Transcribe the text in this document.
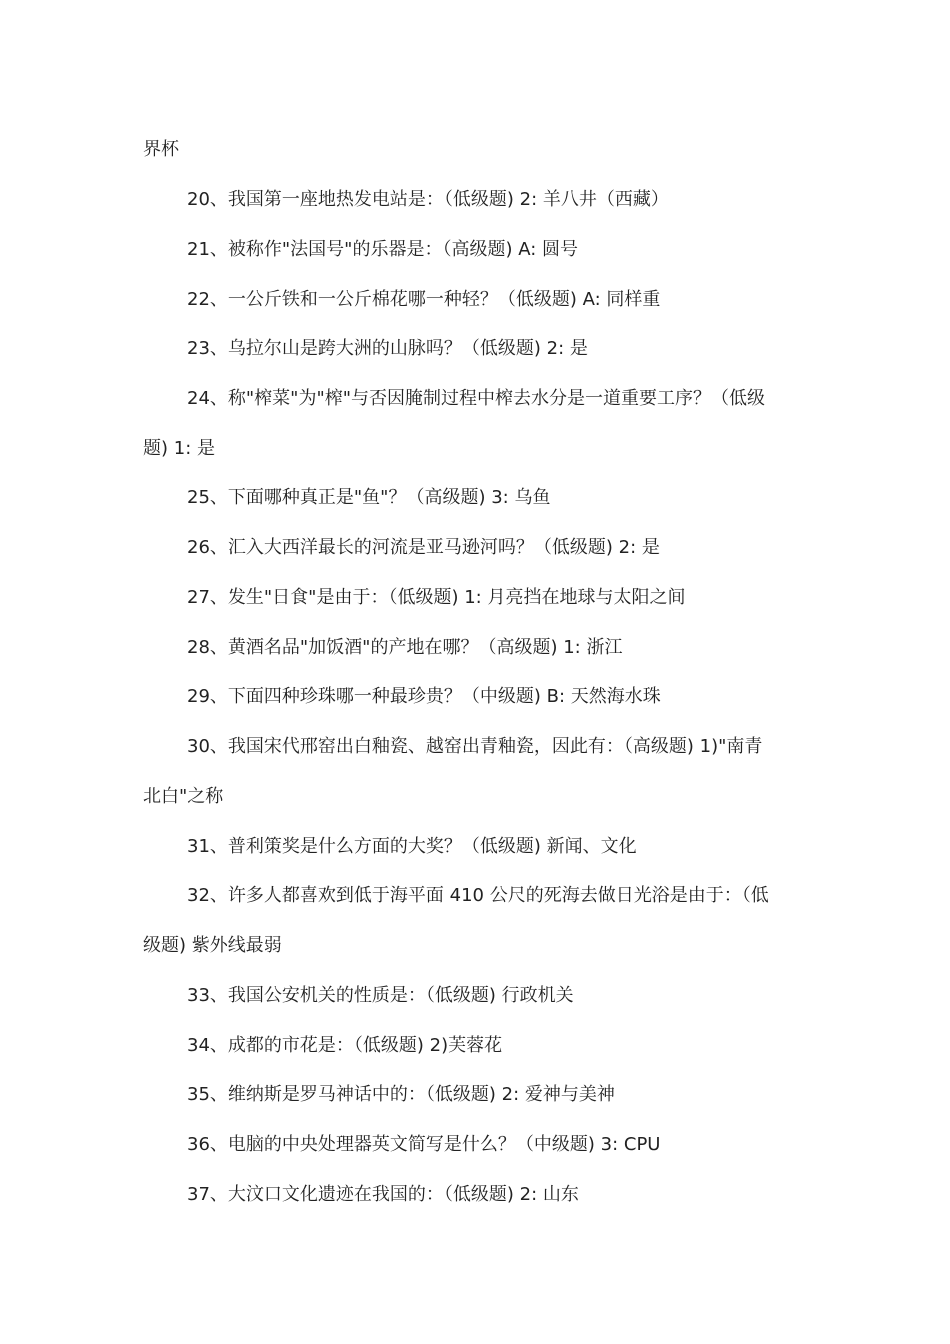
界杯
20、我国第一座地热发电站是：（低级题) 2: 羊八井（西藏）
21、被称作"法国号"的乐器是：（高级题) A: 圆号
22、一公斤铁和一公斤棉花哪一种轻？（低级题) A: 同样重
23、乌拉尔山是跨大洲的山脉吗？（低级题) 2: 是
24、称"榨菜"为"榨"与否因腌制过程中榨去水分是一道重要工序？（低级
题) 1: 是
25、下面哪种真正是"鱼"？（高级题) 3: 乌鱼
26、汇入大西洋最长的河流是亚马逊河吗？（低级题) 2: 是
27、发生"日食"是由于：（低级题) 1: 月亮挡在地球与太阳之间
28、黄酒名品"加饭酒"的产地在哪？（高级题) 1: 浙江
29、下面四种珍珠哪一种最珍贵？（中级题) B: 天然海水珠
30、我国宋代邢窑出白釉瓷、越窑出青釉瓷，因此有：（高级题) 1)"南青
北白"之称
31、普利策奖是什么方面的大奖？（低级题) 新闻、文化
32、许多人都喜欢到低于海平面 410 公尺的死海去做日光浴是由于：（低
级题) 紫外线最弱
33、我国公安机关的性质是：（低级题) 行政机关
34、成都的市花是：（低级题) 2)芙蓉花
35、维纳斯是罗马神话中的：（低级题) 2: 爱神与美神
36、电脑的中央处理器英文简写是什么？（中级题) 3: CPU
37、大汶口文化遗迹在我国的：（低级题) 2: 山东
